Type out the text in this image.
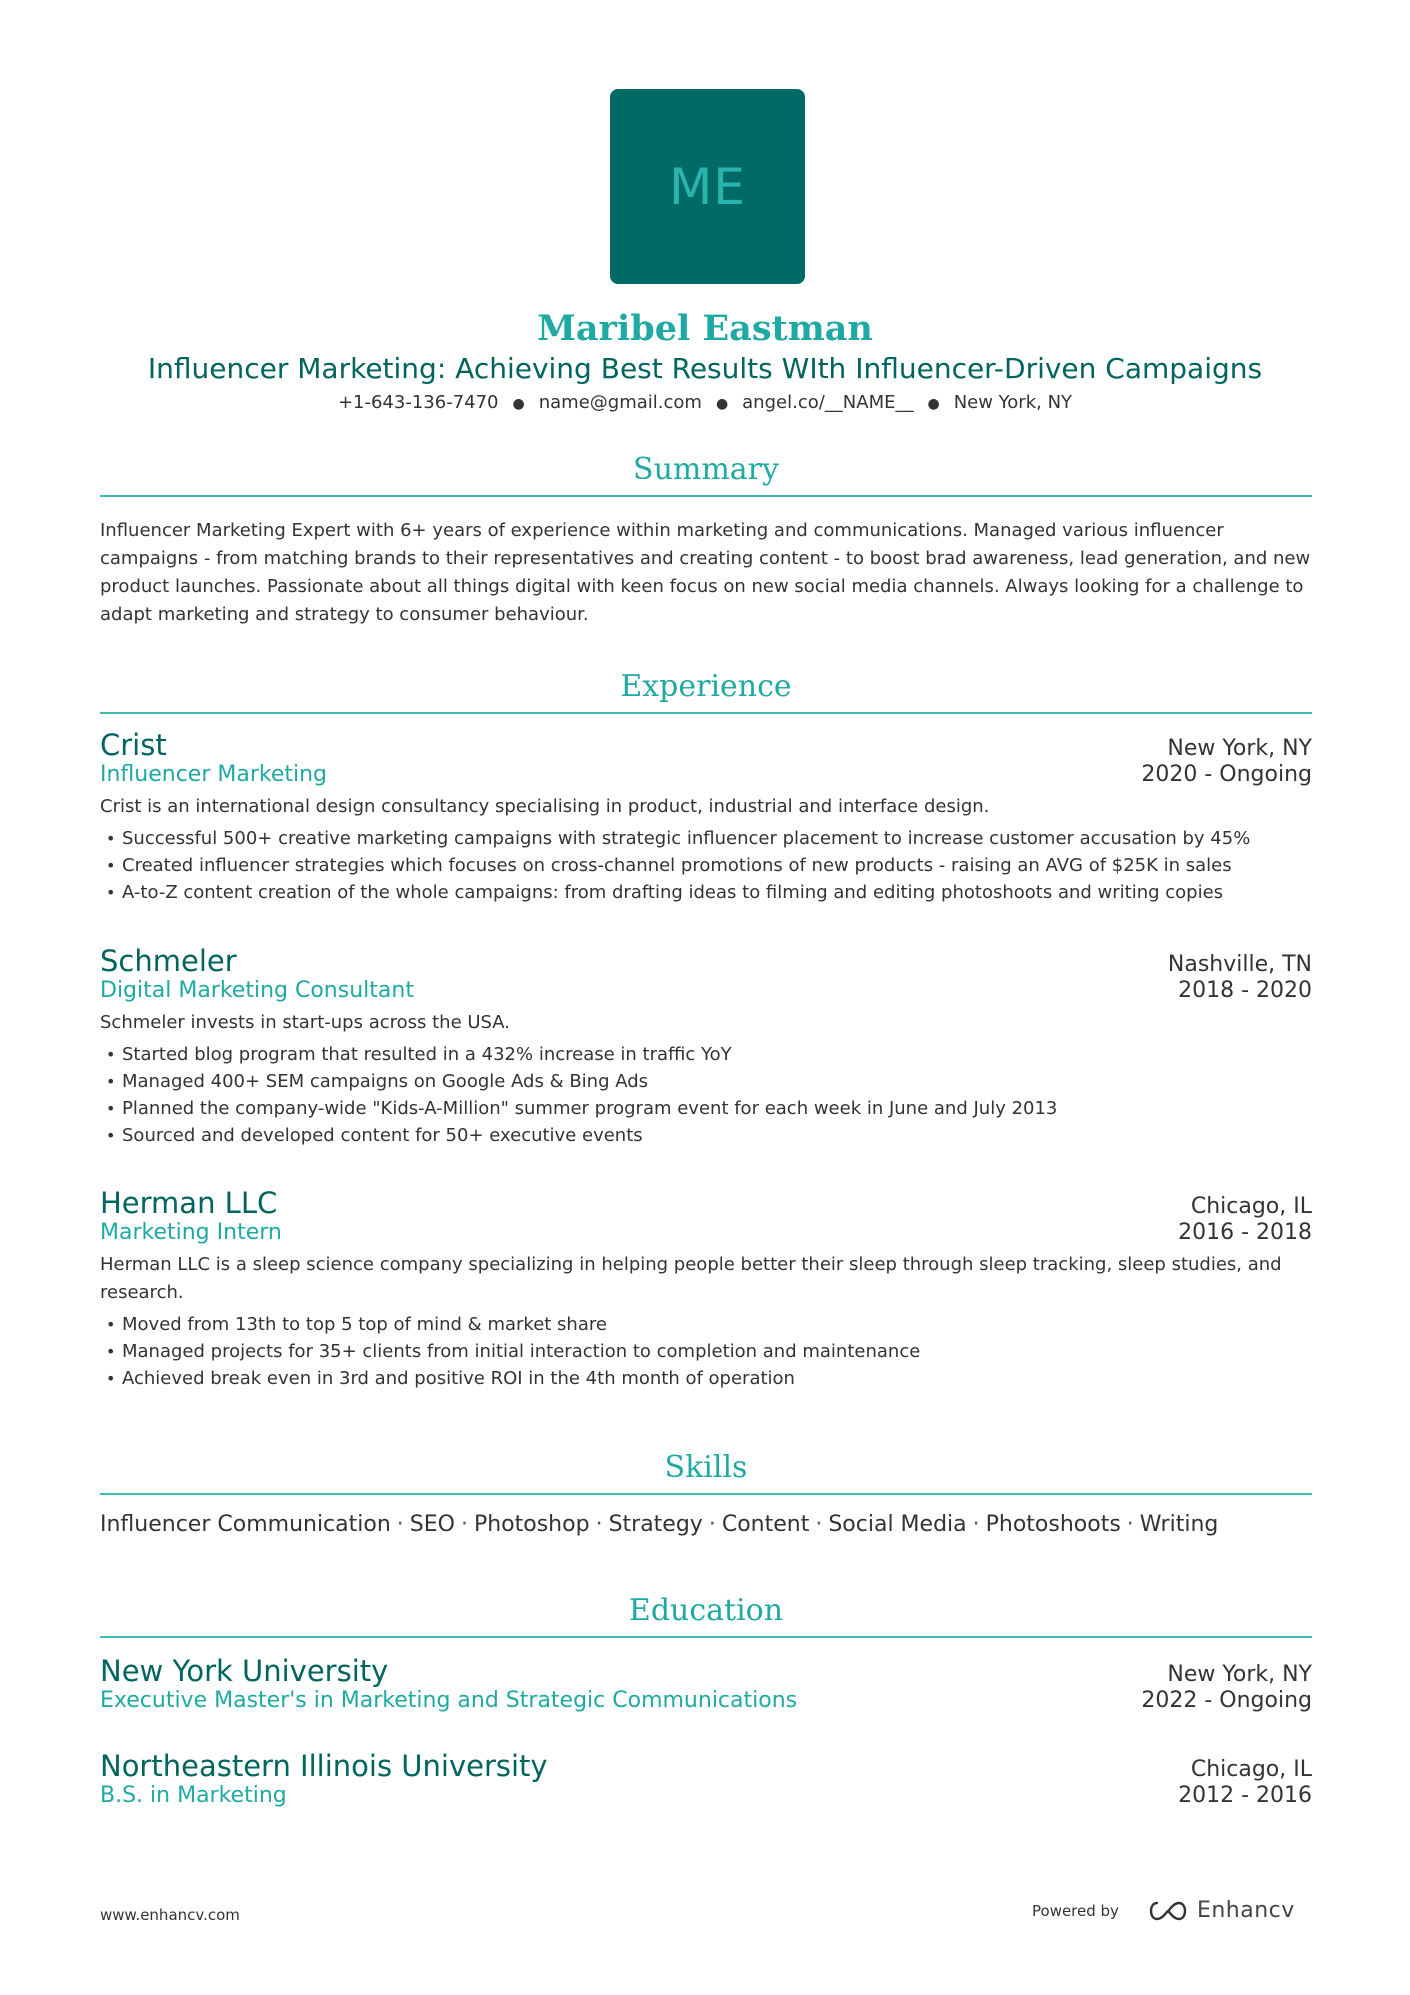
ME
Maribel Eastman
Influencer Marketing: Achieving Best Results WIth Influencer-Driven Campaigns
+1-643-136-7470 ● name@gmail.com ● angel.co/__NAME__ ● New York, NY
Summary
Influencer Marketing Expert with 6+ years of experience within marketing and communications. Managed various influencer campaigns - from matching brands to their representatives and creating content - to boost brad awareness, lead generation, and new product launches. Passionate about all things digital with keen focus on new social media channels. Always looking for a challenge to adapt marketing and strategy to consumer behaviour.
Experience
Crist	New York, NY
Influencer Marketing	2020 - Ongoing
Crist is an international design consultancy specialising in product, industrial and interface design.
• Successful 500+ creative marketing campaigns with strategic influencer placement to increase customer accusation by 45%
• Created influencer strategies which focuses on cross-channel promotions of new products - raising an AVG of $25K in sales
• A-to-Z content creation of the whole campaigns: from drafting ideas to filming and editing photoshoots and writing copies
Schmeler	Nashville, TN
Digital Marketing Consultant	2018 - 2020
Schmeler invests in start-ups across the USA.
• Started blog program that resulted in a 432% increase in traffic YoY
• Managed 400+ SEM campaigns on Google Ads & Bing Ads
• Planned the company-wide "Kids-A-Million" summer program event for each week in June and July 2013
• Sourced and developed content for 50+ executive events
Herman LLC	Chicago, IL
Marketing Intern	2016 - 2018
Herman LLC is a sleep science company specializing in helping people better their sleep through sleep tracking, sleep studies, and research.
• Moved from 13th to top 5 top of mind & market share
• Managed projects for 35+ clients from initial interaction to completion and maintenance
• Achieved break even in 3rd and positive ROI in the 4th month of operation
Skills
Influencer Communication · SEO · Photoshop · Strategy · Content · Social Media · Photoshoots · Writing
Education
New York University	New York, NY
Executive Master's in Marketing and Strategic Communications	2022 - Ongoing
Northeastern Illinois University	Chicago, IL
B.S. in Marketing	2012 - 2016
www.enhancv.com	Powered by	Enhancv
